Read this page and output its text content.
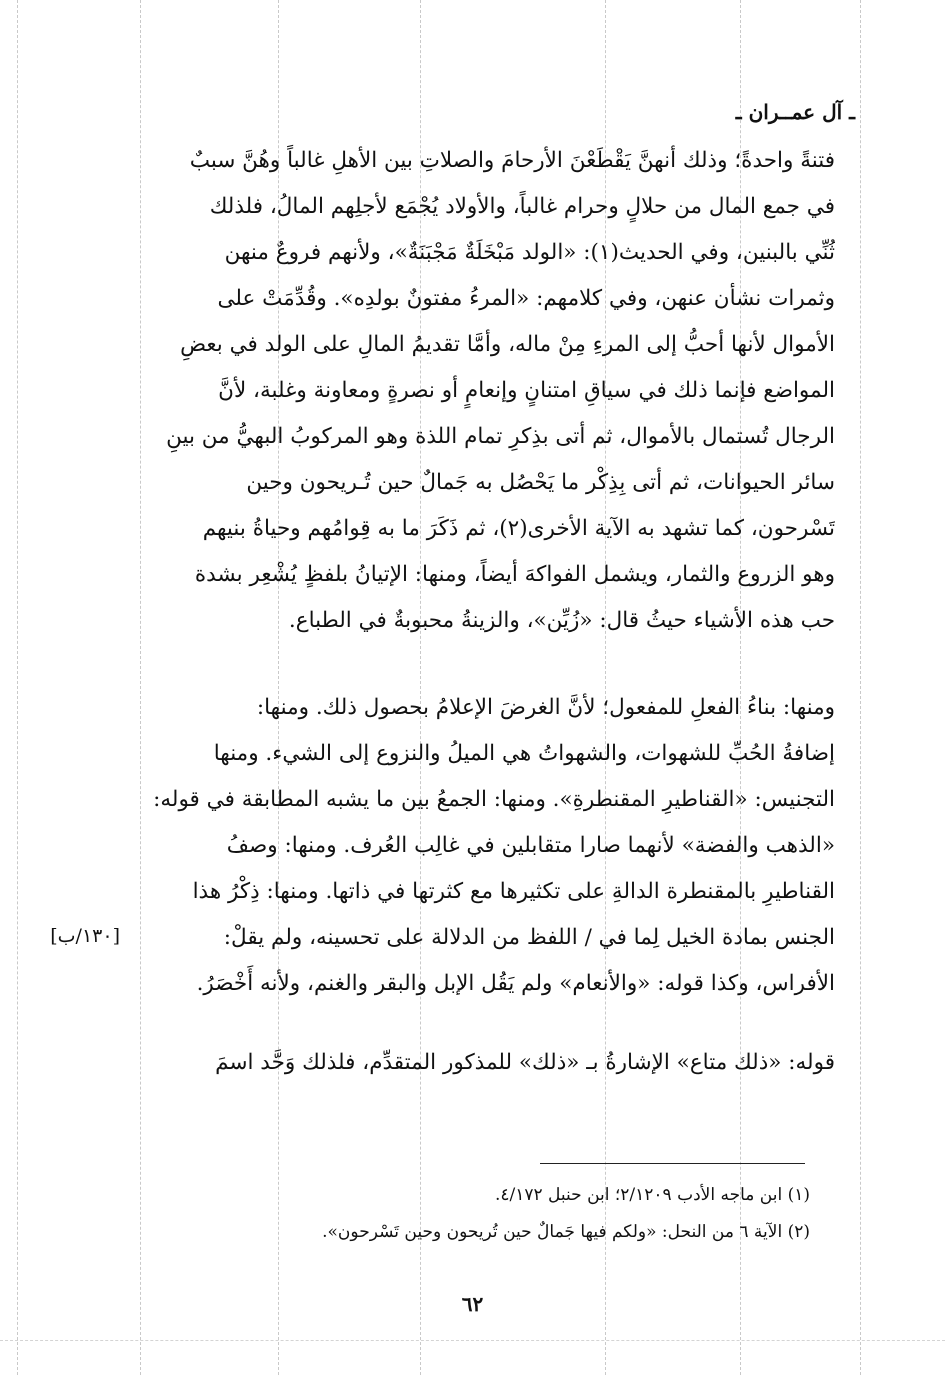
ـ آل عمــران ـ
فتنةً واحدةً؛ وذلك أنهنَّ يَقْطَعْنَ الأرحامَ والصلاتِ بين الأهلِ غالباً وهُنَّ سببٌ
في جمع المال من حلالٍ وحرام غالباً، والأولاد يُجْمَع لأجلِهم المالُ، فلذلك
ثُنِّي بالبنين، وفي الحديث(١): «الولد مَبْخَلَةٌ مَجْبَنَةٌ»، ولأنهم فروعٌ منهن
وثمرات نشأن عنهن، وفي كلامهم: «المرءُ مفتونٌ بولدِه». وقُدِّمَتْ على
الأموال لأنها أحبُّ إلى المرءِ مِنْ ماله، وأمَّا تقديمُ المالِ على الولد في بعضِ
المواضع فإنما ذلك في سياقِ امتنانٍ وإنعامٍ أو نصرةٍ ومعاونة وغلبة، لأنَّ
الرجال تُستمال بالأموال، ثم أتى بذِكرِ تمام اللذة وهو المركوبُ البهيُّ من بينِ
سائر الحيوانات، ثم أتى بِذِكْر ما يَحْصُل به جَمالٌ حين تُـريحون وحين
تَسْرحون، كما تشهد به الآية الأخرى(٢)، ثم ذَكَرَ ما به قِوامُهم وحياةُ بنيهم
وهو الزروع والثمار، ويشمل الفواكهَ أيضاً، ومنها: الإتيانُ بلفظٍ يُشْعِر بشدة
حب هذه الأشياء حيثُ قال: «زُيِّن»، والزينةُ محبوبةٌ في الطباع.
ومنها: بناءُ الفعلِ للمفعول؛ لأنَّ الغرضَ الإعلامُ بحصول ذلك. ومنها:
إضافةُ الحُبِّ للشهوات، والشهواتُ هي الميلُ والنزوع إلى الشيء. ومنها
التجنيس: «القناطيرِ المقنطرةِ». ومنها: الجمعُ بين ما يشبه المطابقة في قوله:
«الذهب والفضة» لأنهما صارا متقابلين في غالِب العُرف. ومنها: وصفُ
القناطيرِ بالمقنطرة الدالةِ على تكثيرها مع كثرتها في ذاتها. ومنها: ذِكْرُ هذا
الجنس بمادة الخيل لِما في / اللفظ من الدلالة على تحسينه، ولم يقلْ:
الأفراس، وكذا قوله: «والأنعام» ولم يَقُل الإبل والبقر والغنم، ولأنه أَخْصَرُ.
قوله: «ذلك متاع» الإشارةُ بـ «ذلك» للمذكور المتقدِّم، فلذلك وَحَّد اسمَ
[١٣٠/ب]
(١) ابن ماجه الأدب ٢/١٢٠٩؛ ابن حنبل ٤/١٧٢.
(٢) الآية ٦ من النحل: «ولكم فيها جَمالٌ حين تُريحون وحين تَسْرحون».
٦٢
